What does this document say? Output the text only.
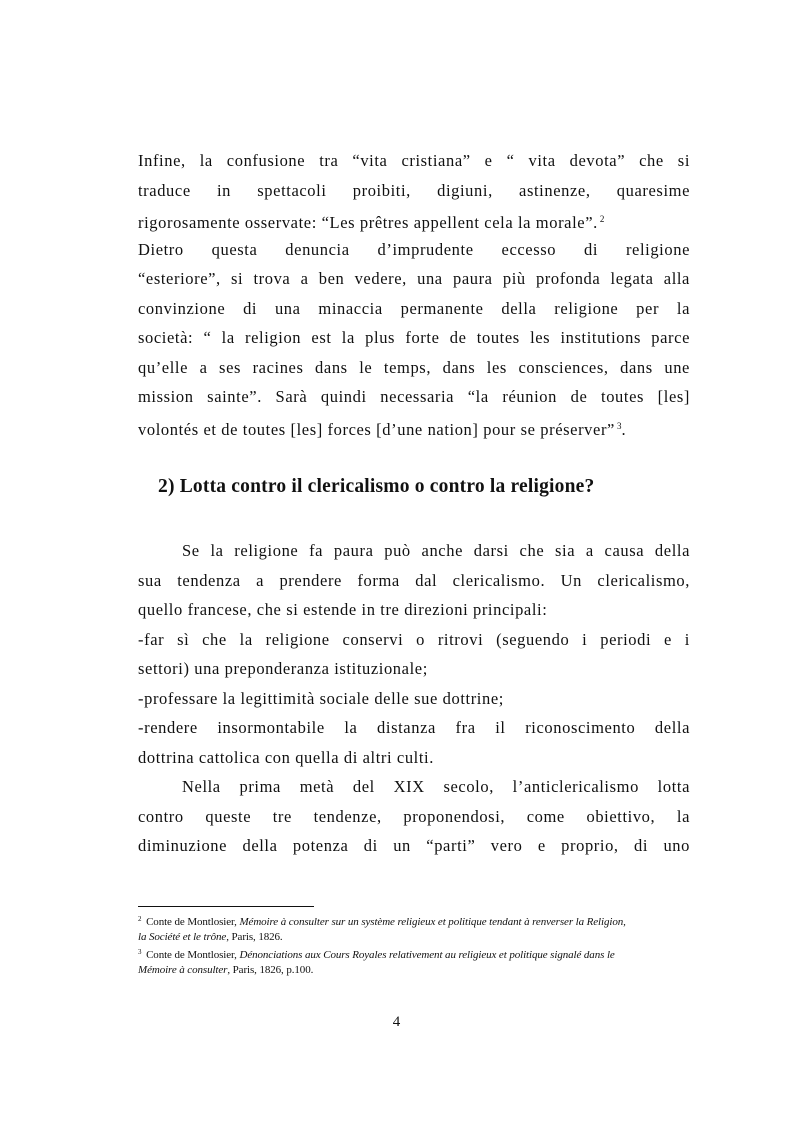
Infine, la confusione tra “vita cristiana” e “ vita devota” che si
traduce in spettacoli proibiti, digiuni, astinenze, quaresime
rigorosamente osservate: “Les prêtres appellent cela la morale”. $^2$
Dietro questa denuncia d’imprudente eccesso di religione
“esteriore”, si trova a ben vedere, una paura più profonda legata alla
convinzione di una minaccia permanente della religione per la
società: “ la religion est la plus forte de toutes les institutions parce
qu’elle a ses racines dans le temps, dans les consciences, dans une
mission sainte”. Sarà quindi necessaria “la réunion de toutes [les]
volontés et de toutes [les] forces [d’une nation] pour se préserver” $^3$.
2) Lotta contro il clericalismo o contro la religione?
Se la religione fa paura può anche darsi che sia a causa della
sua tendenza a prendere forma dal clericalismo. Un clericalismo,
quello francese, che si estende in tre direzioni principali:
-far sì che la religione conservi o ritrovi (seguendo i periodi e i
settori) una preponderanza istituzionale;
-professare la legittimità sociale delle sue dottrine;
-rendere insormontabile la distanza fra il riconoscimento della
dottrina cattolica con quella di altri culti.
Nella prima metà del XIX secolo, l’anticlericalismo lotta
contro queste tre tendenze, proponendosi, come obiettivo, la
diminuzione della potenza di un “parti” vero e proprio, di uno
$^2$ Conte de Montlosier, Mémoire à consulter sur un système religieux et politique tendant à renverser la Religion,
la Société et le trône, Paris, 1826.
$^3$ Conte de Montlosier, Dénonciations aux Cours Royales relativement au religieux et politique signalé dans le
Mémoire à consulter, Paris, 1826, p.100.
4
